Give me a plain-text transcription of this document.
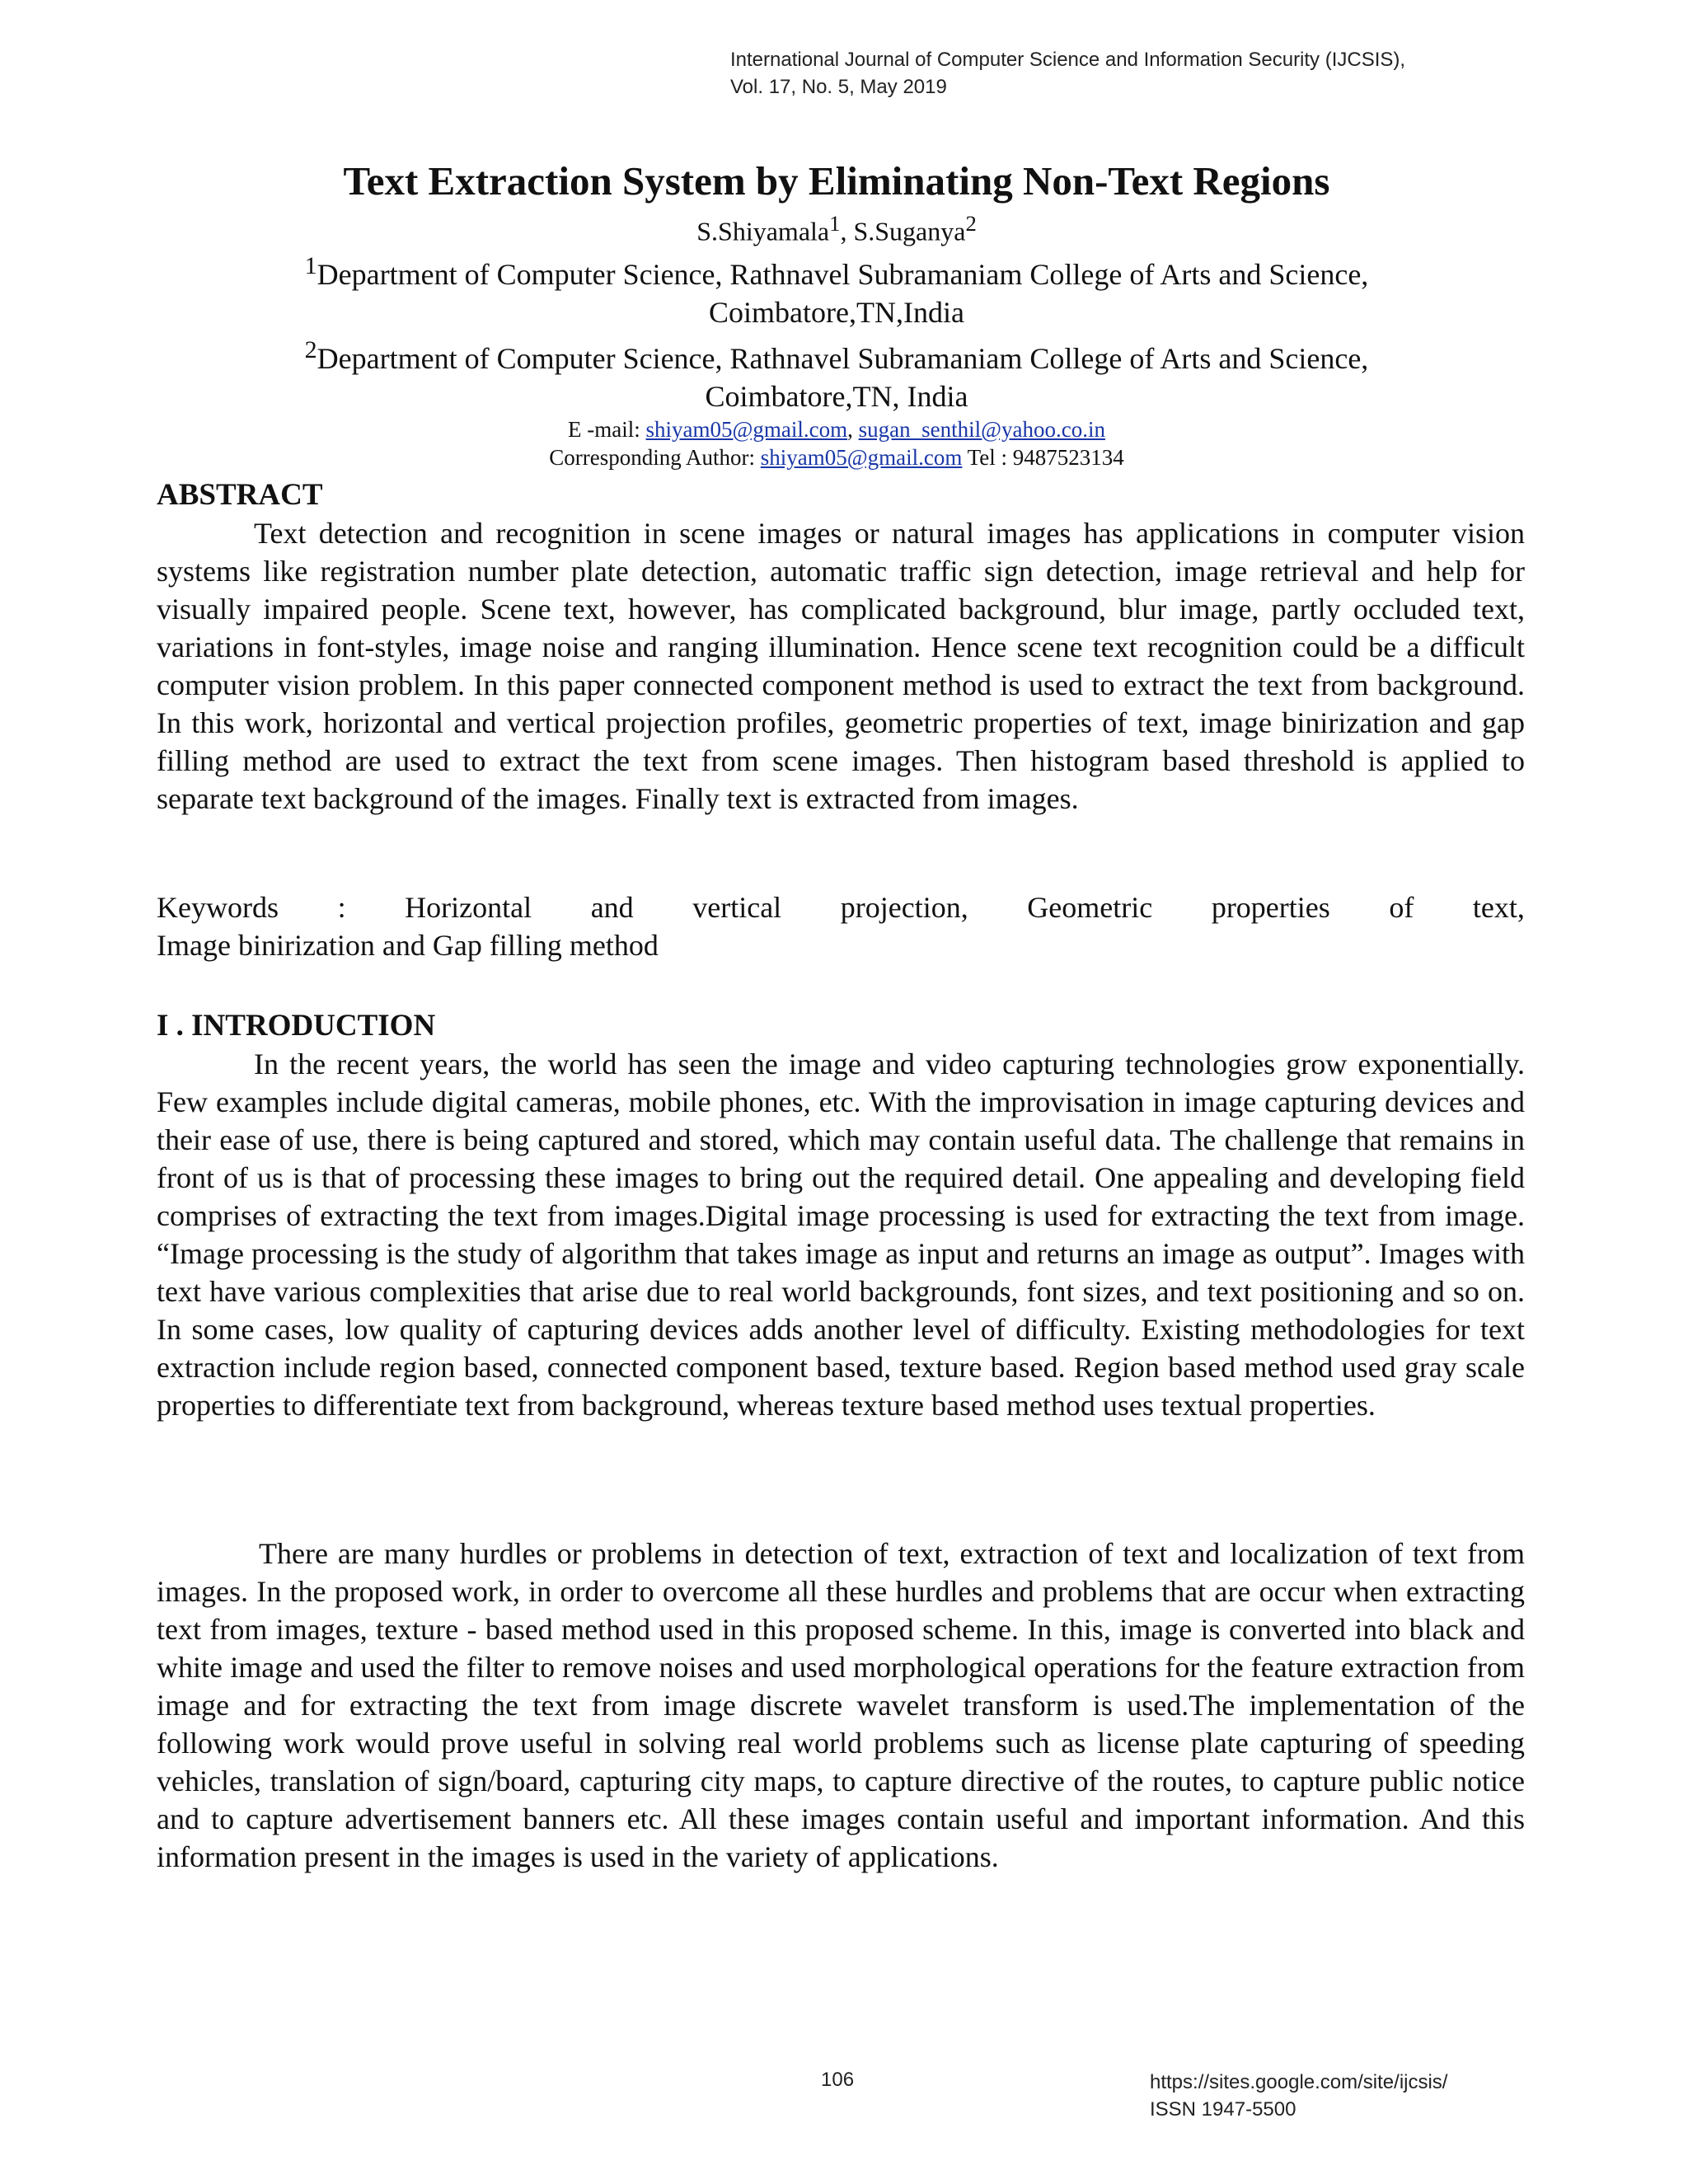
International Journal of Computer Science and Information Security (IJCSIS),
Vol. 17, No. 5, May 2019
Text Extraction System by Eliminating Non-Text Regions
S.Shiyamala$^1$, S.Suganya$^2$
$^1$Department of Computer Science, Rathnavel Subramaniam College of Arts and Science,
Coimbatore,TN,India
$^2$Department of Computer Science, Rathnavel Subramaniam College of Arts and Science,
Coimbatore,TN, India
E -mail: shiyam05@gmail.com, sugan_senthil@yahoo.co.in
Corresponding Author: shiyam05@gmail.com Tel : 9487523134
ABSTRACT

Text detection and recognition in scene images or natural images has applications in computer vision systems like registration number plate detection, automatic traffic sign detection, image retrieval and help for visually impaired people. Scene text, however, has complicated background, blur image, partly occluded text, variations in font-styles, image noise and ranging illumination. Hence scene text recognition could be a difficult computer vision problem. In this paper connected component method is used to extract the text from background. In this work, horizontal and vertical projection profiles, geometric properties of text, image binirization and gap filling method are used to extract the text from scene images. Then histogram based threshold is applied to separate text background of the images. Finally text is extracted from images.

Keywords : Horizontal and vertical projection, Geometric properties of text,
Image binirization and Gap filling method
I . INTRODUCTION

In the recent years, the world has seen the image and video capturing technologies grow exponentially. Few examples include digital cameras, mobile phones, etc. With the improvisation in image capturing devices and their ease of use, there is being captured and stored, which may contain useful data. The challenge that remains in front of us is that of processing these images to bring out the required detail. One appealing and developing field comprises of extracting the text from images.Digital image processing is used for extracting the text from image. “Image processing is the study of algorithm that takes image as input and returns an image as output”. Images with text have various complexities that arise due to real world backgrounds, font sizes, and text positioning and so on. In some cases, low quality of capturing devices adds another level of difficulty. Existing methodologies for text extraction include region based, connected component based, texture based. Region based method used gray scale properties to differentiate text from background, whereas texture based method uses textual properties.

There are many hurdles or problems in detection of text, extraction of text and localization of text from images. In the proposed work, in order to overcome all these hurdles and problems that are occur when extracting text from images, texture - based method used in this proposed scheme. In this, image is converted into black and white image and used the filter to remove noises and used morphological operations for the feature extraction from image and for extracting the text from image discrete wavelet transform is used.The implementation of the following work would prove useful in solving real world problems such as license plate capturing of speeding vehicles, translation of sign/board, capturing city maps, to capture directive of the routes, to capture public notice and to capture advertisement banners etc. All these images contain useful and important information. And this information present in the images is used in the variety of applications.

106	https://sites.google.com/site/ijcsis/
ISSN 1947-5500
